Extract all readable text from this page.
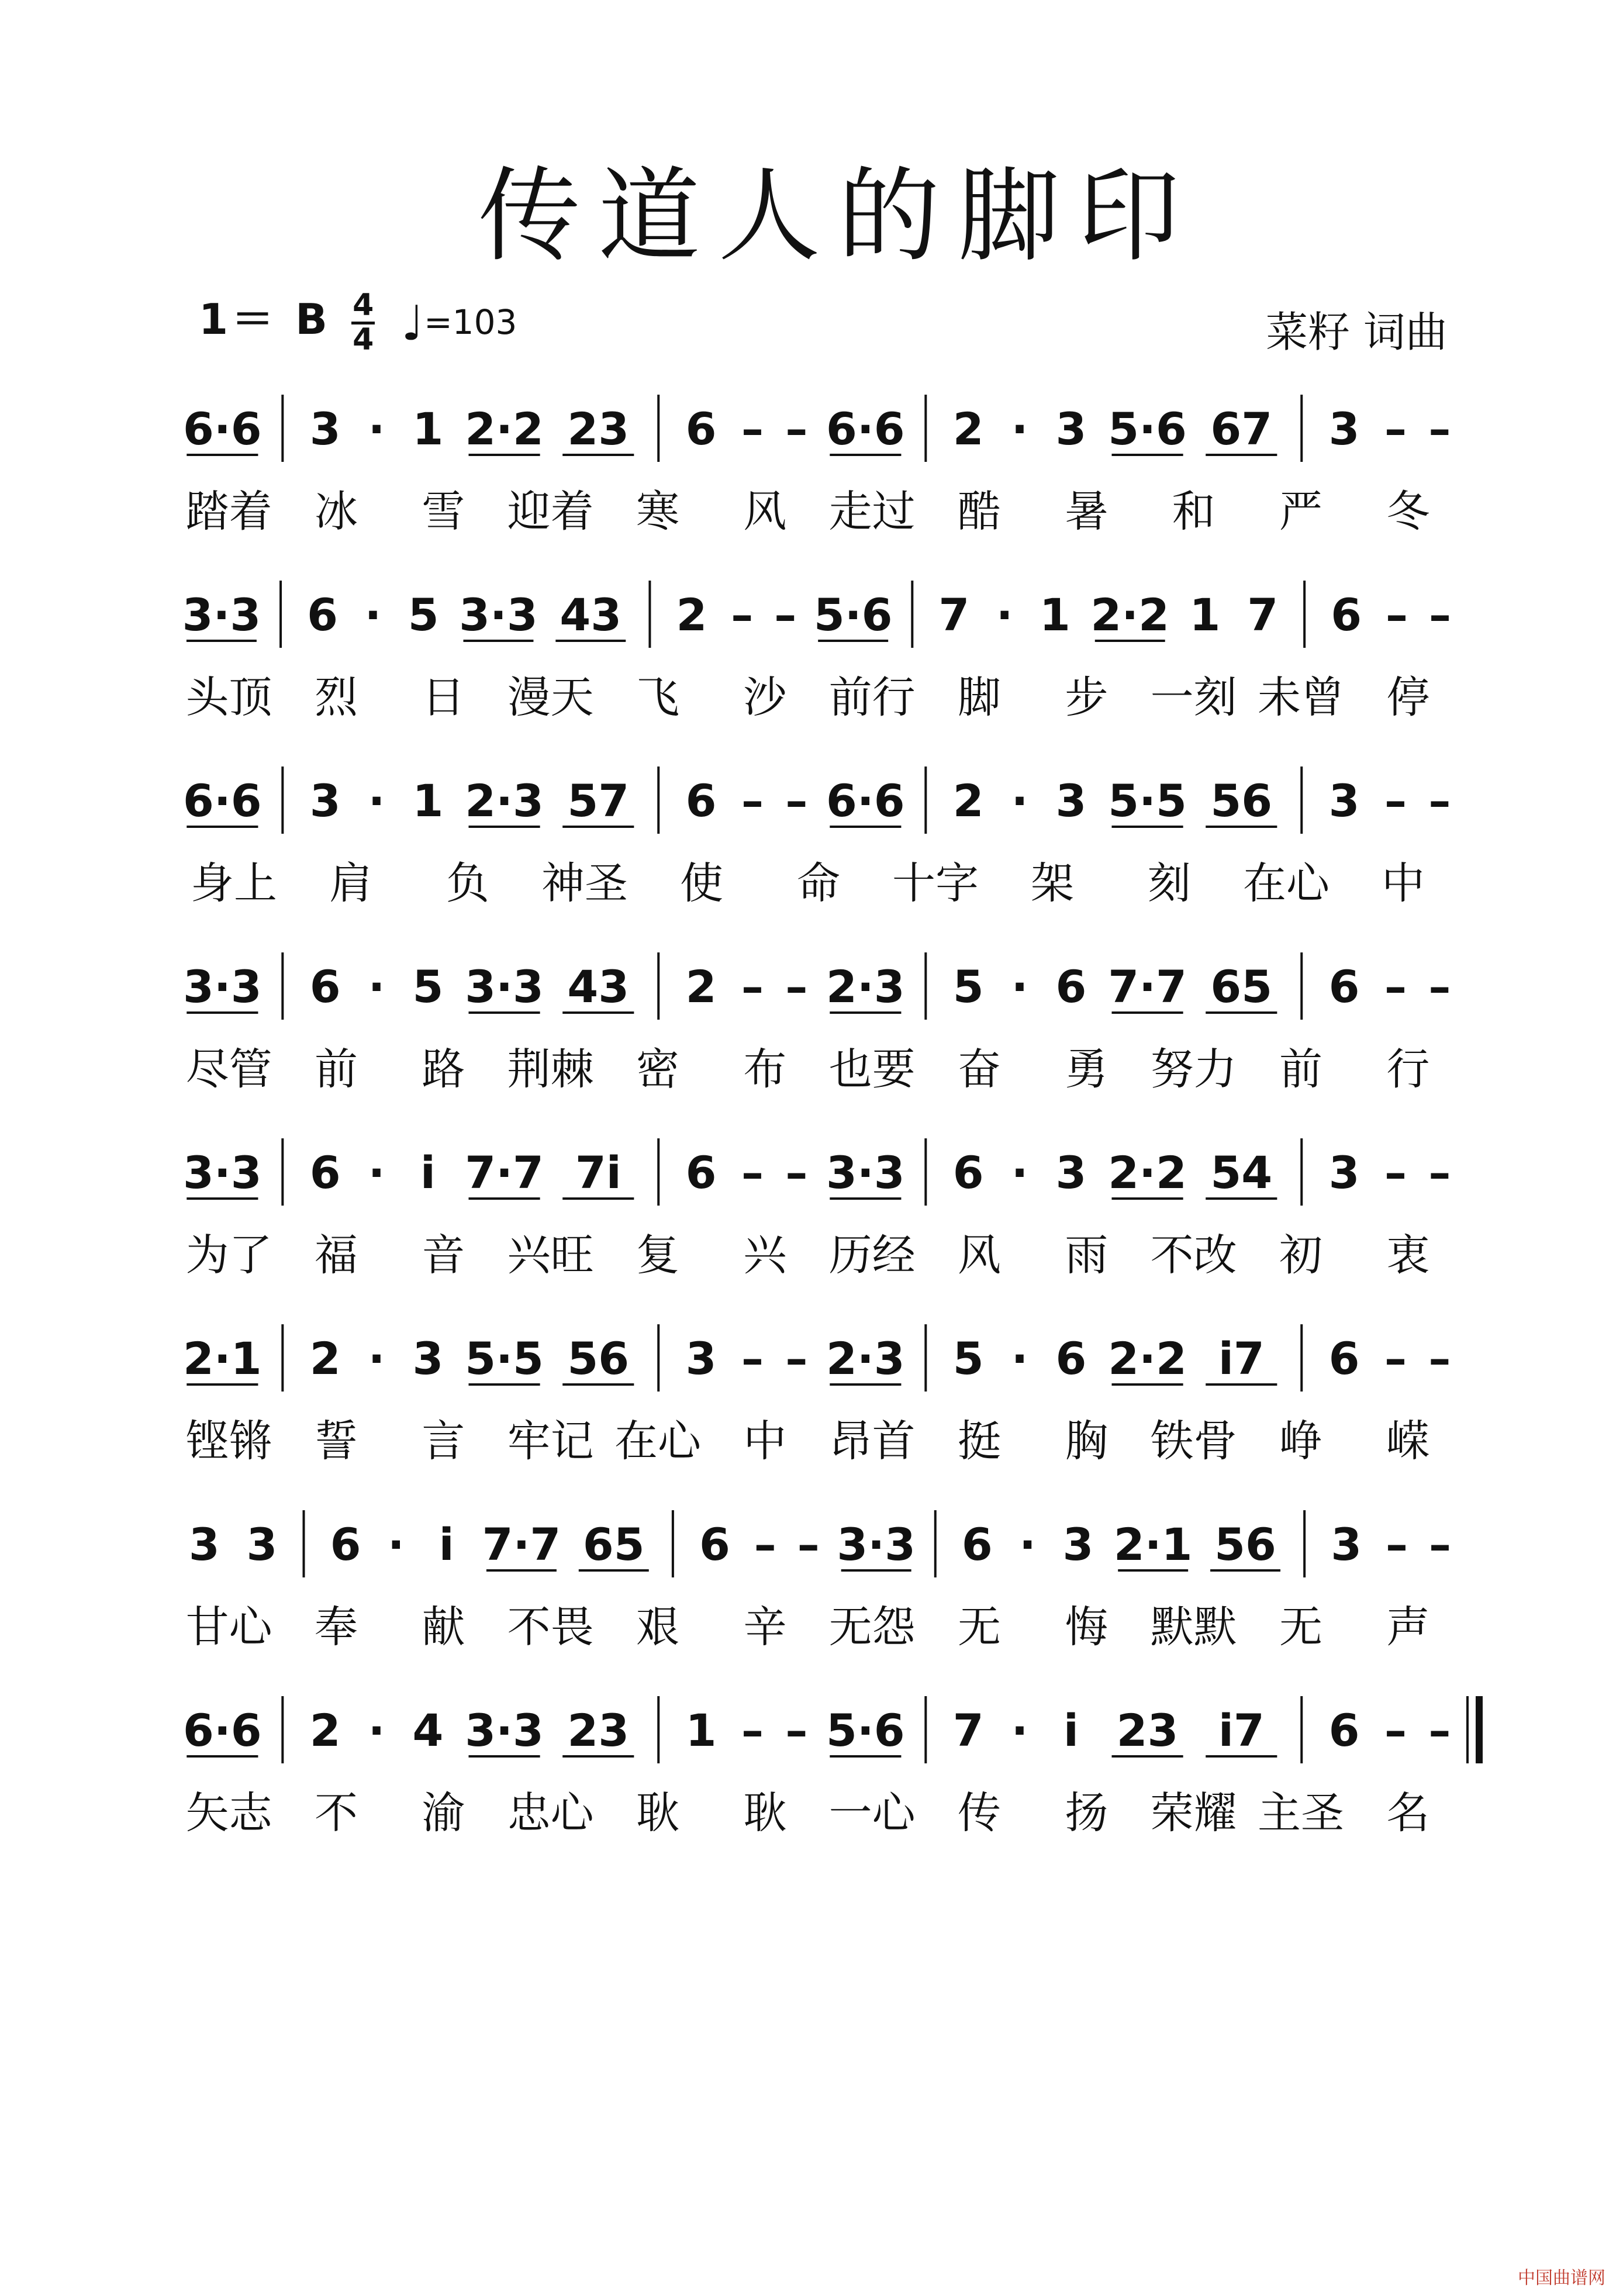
传道人的脚印
1＝ B $\frac{4}{4}$ ♩=103	菜籽 词曲
6·6 3 · 1 2·2 23 6 – – 6·6 2 · 3 5·6 67 3 – –
踏着 冰 雪 迎着 寒 风 走过 酷 暑 和 严 冬
3·3 6 · 5 3·3 43 2 – – 5·6 7 · 1 2·2 1 7 6 – –
头顶 烈 日 漫天 飞 沙 前行 脚 步 一刻 未曾 停
6·6 3 · 1 2·3 57 6 – – 6·6 2 · 3 5·5 56 3 – –
身上 肩 负 神圣 使 命 十字 架 刻 在心 中
3·3 6 · 5 3·3 43 2 – – 2·3 5 · 6 7·7 65 6 – –
尽管 前 路 荆棘 密 布 也要 奋 勇 努力 前 行
3·3 6 · i 7·7 7i 6 – – 3·3 6 · 3 2·2 54 3 – –
为了 福 音 兴旺 复 兴 历经 风 雨 不改 初 衷
2·1 2 · 3 5·5 56 3 – – 2·3 5 · 6 2·2 i7 6 – –
铿锵 誓 言 牢记 在心 中 昂首 挺 胸 铁骨 峥 嵘
3 3 6 · i 7·7 65 6 – – 3·3 6 · 3 2·1 56 3 – –
甘心 奉 献 不畏 艰 辛 无怨 无 悔 默默 无 声
6·6 2 · 4 3·3 23 1 – – 5·6 7 · i 23 i7 6 – –
矢志 不 渝 忠心 耿 耿 一心 传 扬 荣耀 主圣 名
中国曲谱网
